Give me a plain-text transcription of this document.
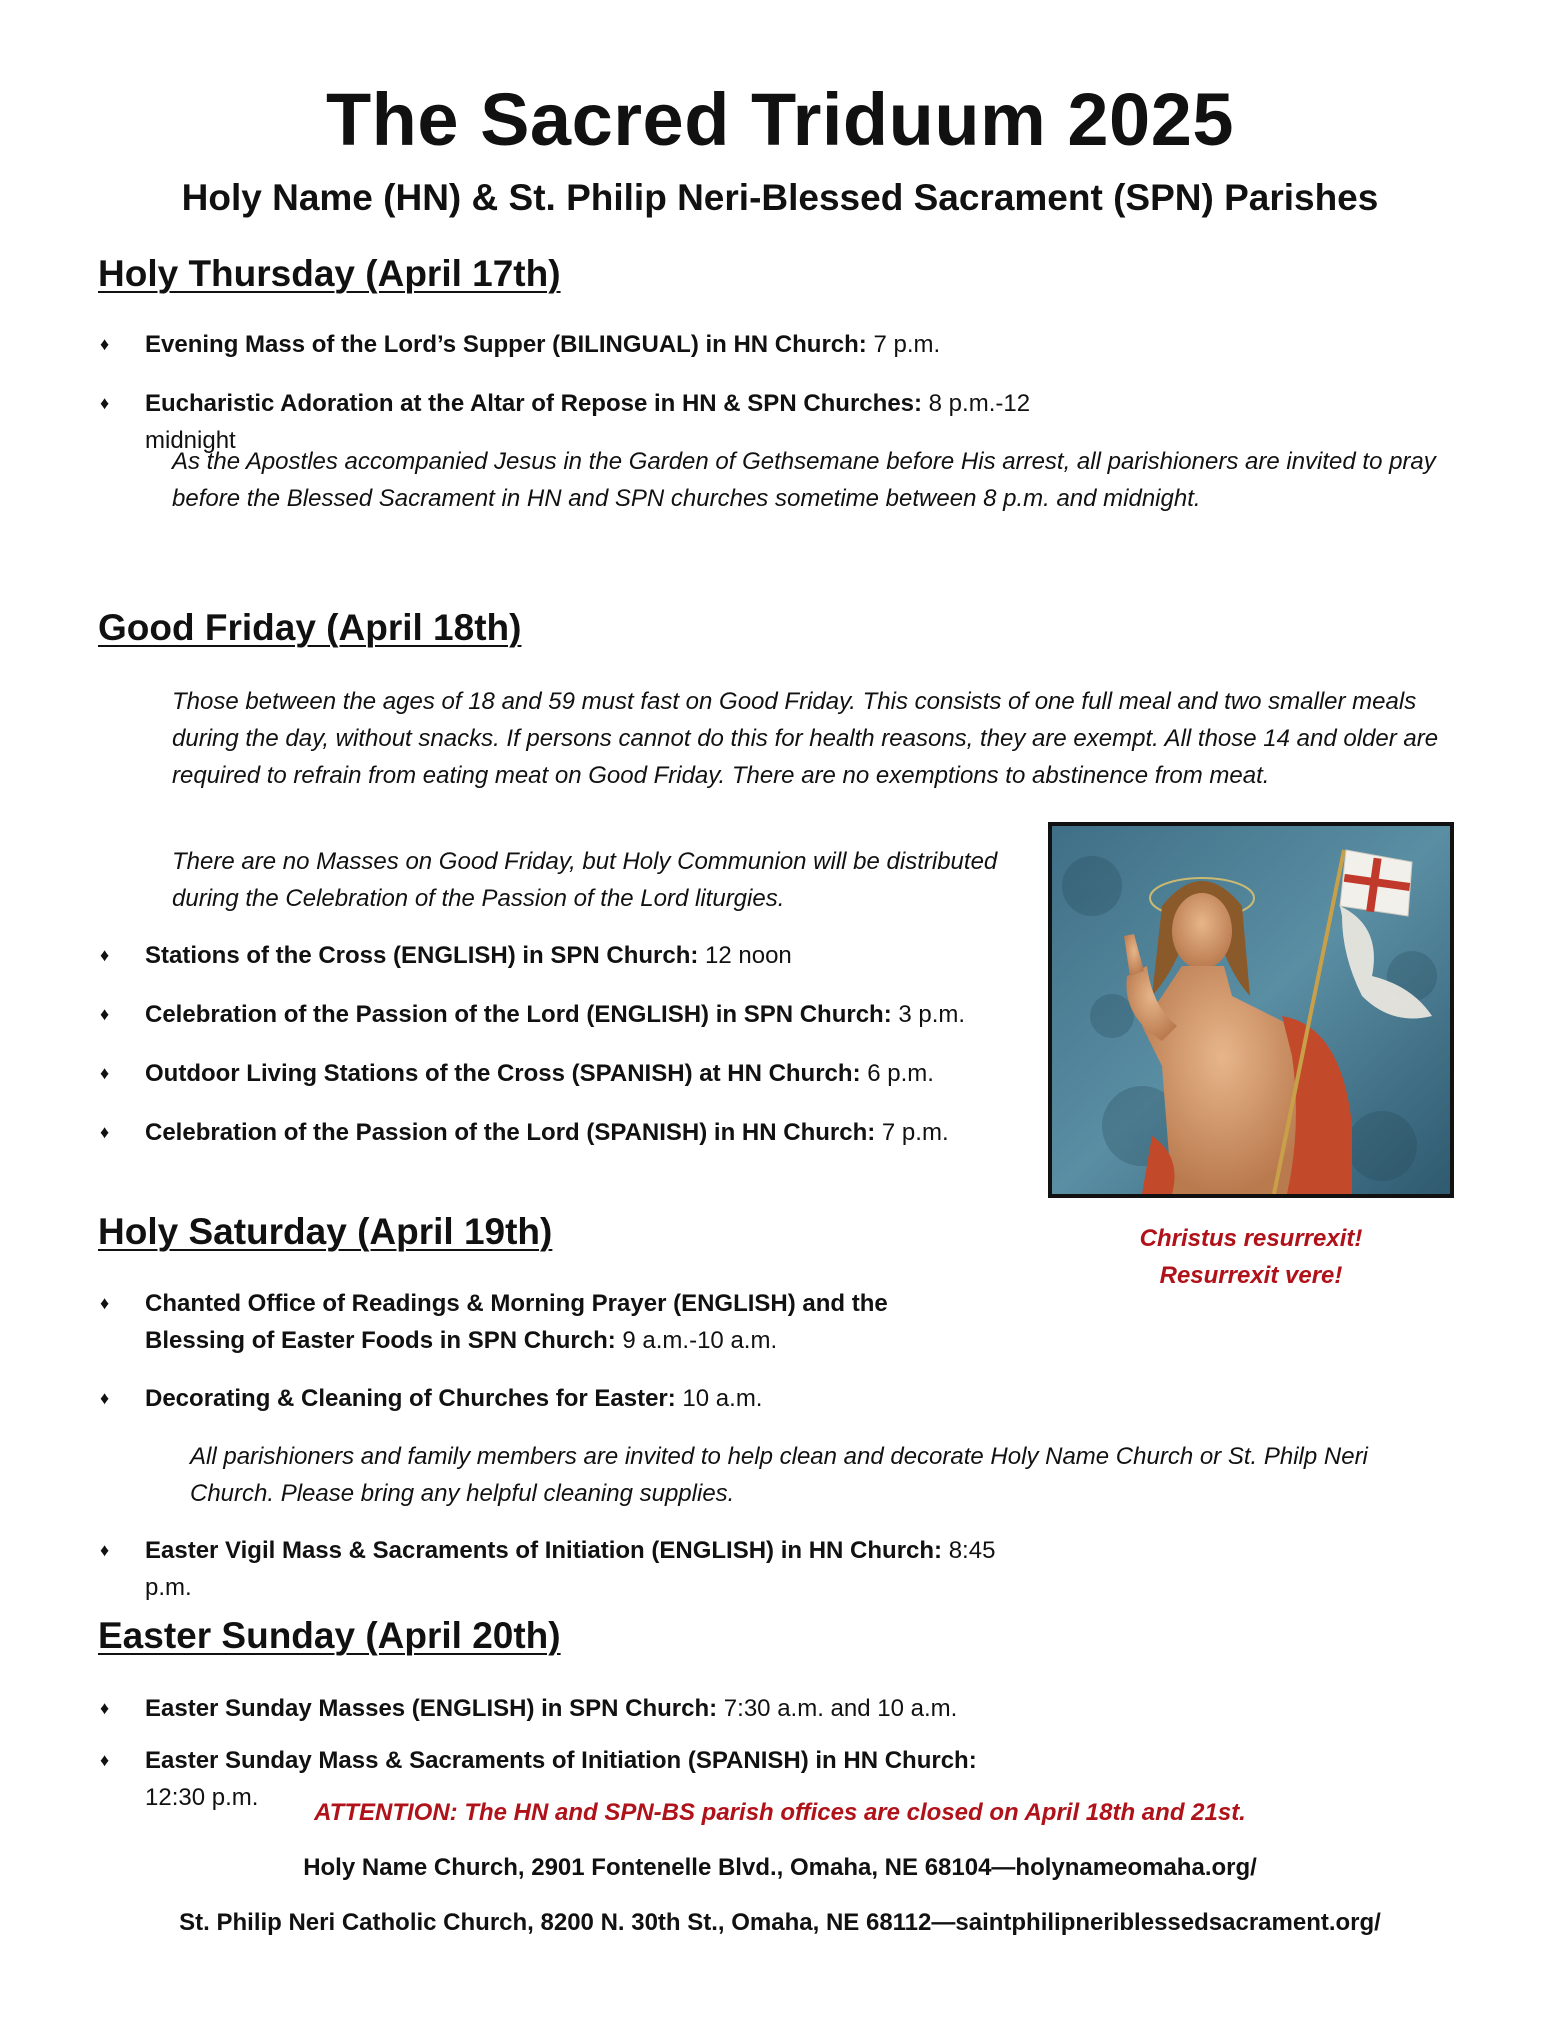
The Sacred Triduum 2025
Holy Name (HN) & St. Philip Neri-Blessed Sacrament (SPN) Parishes
Holy Thursday (April 17th)
♦	Evening Mass of the Lord’s Supper (BILINGUAL) in HN Church: 7 p.m.
♦	Eucharistic Adoration at the Altar of Repose in HN & SPN Churches: 8 p.m.-12 midnight
As the Apostles accompanied Jesus in the Garden of Gethsemane before His arrest, all parishioners are invited to pray before the Blessed Sacrament in HN and SPN churches sometime between 8 p.m. and midnight.
Good Friday (April 18th)
Those between the ages of 18 and 59 must fast on Good Friday. This consists of one full meal and two smaller meals during the day, without snacks. If persons cannot do this for health reasons, they are exempt. All those 14 and older are required to refrain from eating meat on Good Friday. There are no exemptions to abstinence from meat.
There are no Masses on Good Friday, but Holy Communion will be distributed during the Celebration of the Passion of the Lord liturgies.
♦	Stations of the Cross (ENGLISH) in SPN Church: 12 noon
♦	Celebration of the Passion of the Lord (ENGLISH) in SPN Church: 3 p.m.
♦	Outdoor Living Stations of the Cross (SPANISH) at HN Church: 6 p.m.
♦	Celebration of the Passion of the Lord (SPANISH) in HN Church: 7 p.m.
Christus resurrexit!
Resurrexit vere!
Holy Saturday (April 19th)
♦	Chanted Office of Readings & Morning Prayer (ENGLISH) and the Blessing of Easter Foods in SPN Church: 9 a.m.-10 a.m.
♦	Decorating & Cleaning of Churches for Easter: 10 a.m.
All parishioners and family members are invited to help clean and decorate Holy Name Church or St. Philp Neri Church. Please bring any helpful cleaning supplies.
♦	Easter Vigil Mass & Sacraments of Initiation (ENGLISH) in HN Church: 8:45 p.m.
Easter Sunday (April 20th)
♦	Easter Sunday Masses (ENGLISH) in SPN Church: 7:30 a.m. and 10 a.m.
♦	Easter Sunday Mass & Sacraments of Initiation (SPANISH) in HN Church: 12:30 p.m.
ATTENTION: The HN and SPN-BS parish offices are closed on April 18th and 21st.
Holy Name Church, 2901 Fontenelle Blvd., Omaha, NE 68104—holynameomaha.org/
St. Philip Neri Catholic Church, 8200 N. 30th St., Omaha, NE 68112—saintphilipneriblessedsacrament.org/
